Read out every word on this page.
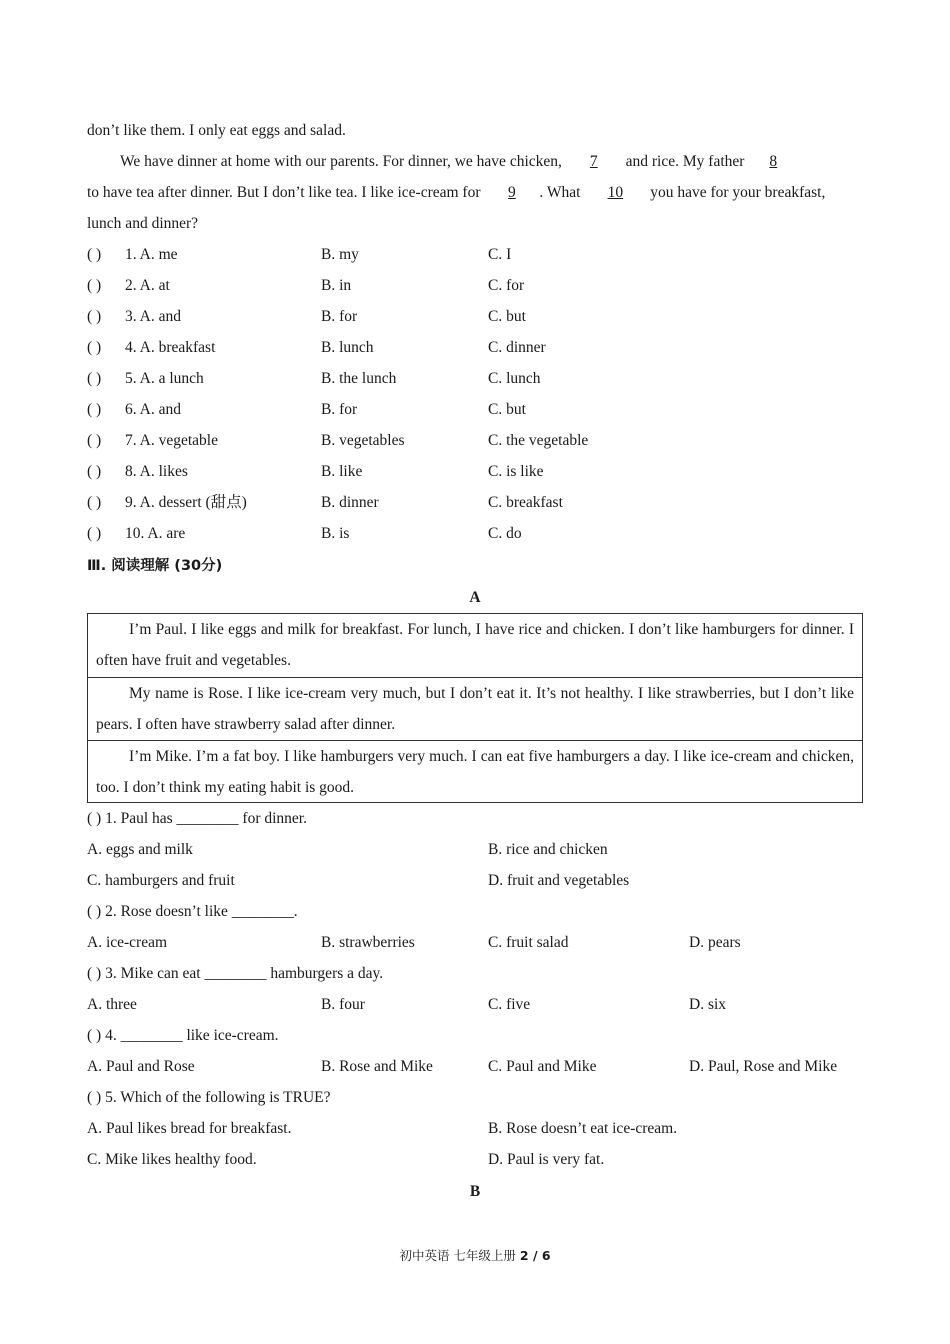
don’t like them. I only eat eggs and salad.
We have dinner at home with our parents. For dinner, we have chicken, 7 and rice. My father 8
to have tea after dinner. But I don’t like tea. I like ice-cream for 9 . What 10 you have for your breakfast,
lunch and dinner?
( ) 1. A. me	B. my	C. I
( ) 2. A. at	B. in	C. for
( ) 3. A. and	B. for	C. but
( ) 4. A. breakfast	B. lunch	C. dinner
( ) 5. A. a lunch	B. the lunch	C. lunch
( ) 6. A. and	B. for	C. but
( ) 7. A. vegetable	B. vegetables	C. the vegetable
( ) 8. A. likes	B. like	C. is like
( ) 9. A. dessert (甜点)	B. dinner	C. breakfast
( ) 10. A. are	B. is	C. do
Ⅲ. 阅读理解 (30分)
A

I’m Paul. I like eggs and milk for breakfast. For lunch, I have rice and chicken. I don’t like hamburgers for dinner. I often have fruit and vegetables.

My name is Rose. I like ice-cream very much, but I don’t eat it. It’s not healthy. I like strawberries, but I don’t like pears. I often have strawberry salad after dinner.

I’m Mike. I’m a fat boy. I like hamburgers very much. I can eat five hamburgers a day. I like ice-cream and chicken, too. I don’t think my eating habit is good.

( ) 1. Paul has ________ for dinner.
A. eggs and milk	B. rice and chicken
C. hamburgers and fruit	D. fruit and vegetables
( ) 2. Rose doesn’t like ________.
A. ice-cream	B. strawberries	C. fruit salad	D. pears
( ) 3. Mike can eat ________ hamburgers a day.
A. three	B. four	C. five	D. six
( ) 4. ________ like ice-cream.
A. Paul and Rose	B. Rose and Mike	C. Paul and Mike	D. Paul, Rose and Mike
( ) 5. Which of the following is TRUE?
A. Paul likes bread for breakfast.	B. Rose doesn’t eat ice-cream.
C. Mike likes healthy food.	D. Paul is very fat.
B
初中英语 七年级上册 2 / 6
